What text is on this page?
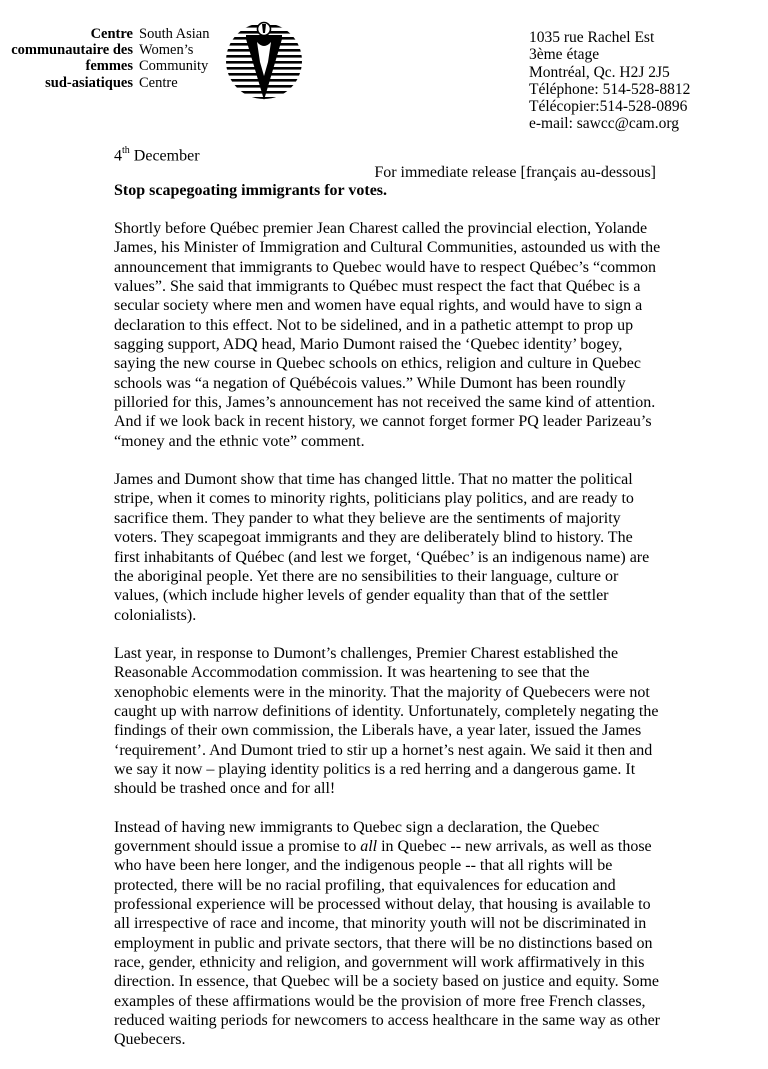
Centre
communautaire des
femmes
sud-asiatiques
South Asian
Women’s
Community
Centre
1035 rue Rachel Est
3ème étage
Montréal, Qc. H2J 2J5
Téléphone: 514-528-8812
Télécopier:514-528-0896
e-mail: sawcc@cam.org
4th December
For immediate release [français au-dessous]
Stop scapegoating immigrants for votes.

Shortly before Québec premier Jean Charest called the provincial election, Yolande James, his Minister of Immigration and Cultural Communities, astounded us with the announcement that immigrants to Quebec would have to respect Québec’s “common values”. She said that immigrants to Québec must respect the fact that Québec is a secular society where men and women have equal rights, and would have to sign a declaration to this effect. Not to be sidelined, and in a pathetic attempt to prop up sagging support, ADQ head, Mario Dumont raised the ‘Quebec identity’ bogey, saying the new course in Quebec schools on ethics, religion and culture in Quebec schools was “a negation of Québécois values.” While Dumont has been roundly pilloried for this, James’s announcement has not received the same kind of attention. And if we look back in recent history, we cannot forget former PQ leader Parizeau’s “money and the ethnic vote” comment.

James and Dumont show that time has changed little. That no matter the political stripe, when it comes to minority rights, politicians play politics, and are ready to sacrifice them. They pander to what they believe are the sentiments of majority voters. They scapegoat immigrants and they are deliberately blind to history. The first inhabitants of Québec (and lest we forget, ‘Québec’ is an indigenous name) are the aboriginal people. Yet there are no sensibilities to their language, culture or values, (which include higher levels of gender equality than that of the settler colonialists).

Last year, in response to Dumont’s challenges, Premier Charest established the Reasonable Accommodation commission. It was heartening to see that the xenophobic elements were in the minority. That the majority of Quebecers were not caught up with narrow definitions of identity. Unfortunately, completely negating the findings of their own commission, the Liberals have, a year later, issued the James ‘requirement’. And Dumont tried to stir up a hornet’s nest again. We said it then and we say it now – playing identity politics is a red herring and a dangerous game. It should be trashed once and for all!

Instead of having new immigrants to Quebec sign a declaration, the Quebec government should issue a promise to all in Quebec -- new arrivals, as well as those who have been here longer, and the indigenous people -- that all rights will be protected, there will be no racial profiling, that equivalences for education and professional experience will be processed without delay, that housing is available to all irrespective of race and income, that minority youth will not be discriminated in employment in public and private sectors, that there will be no distinctions based on race, gender, ethnicity and religion, and government will work affirmatively in this direction. In essence, that Quebec will be a society based on justice and equity. Some examples of these affirmations would be the provision of more free French classes, reduced waiting periods for newcomers to access healthcare in the same way as other Quebecers.
